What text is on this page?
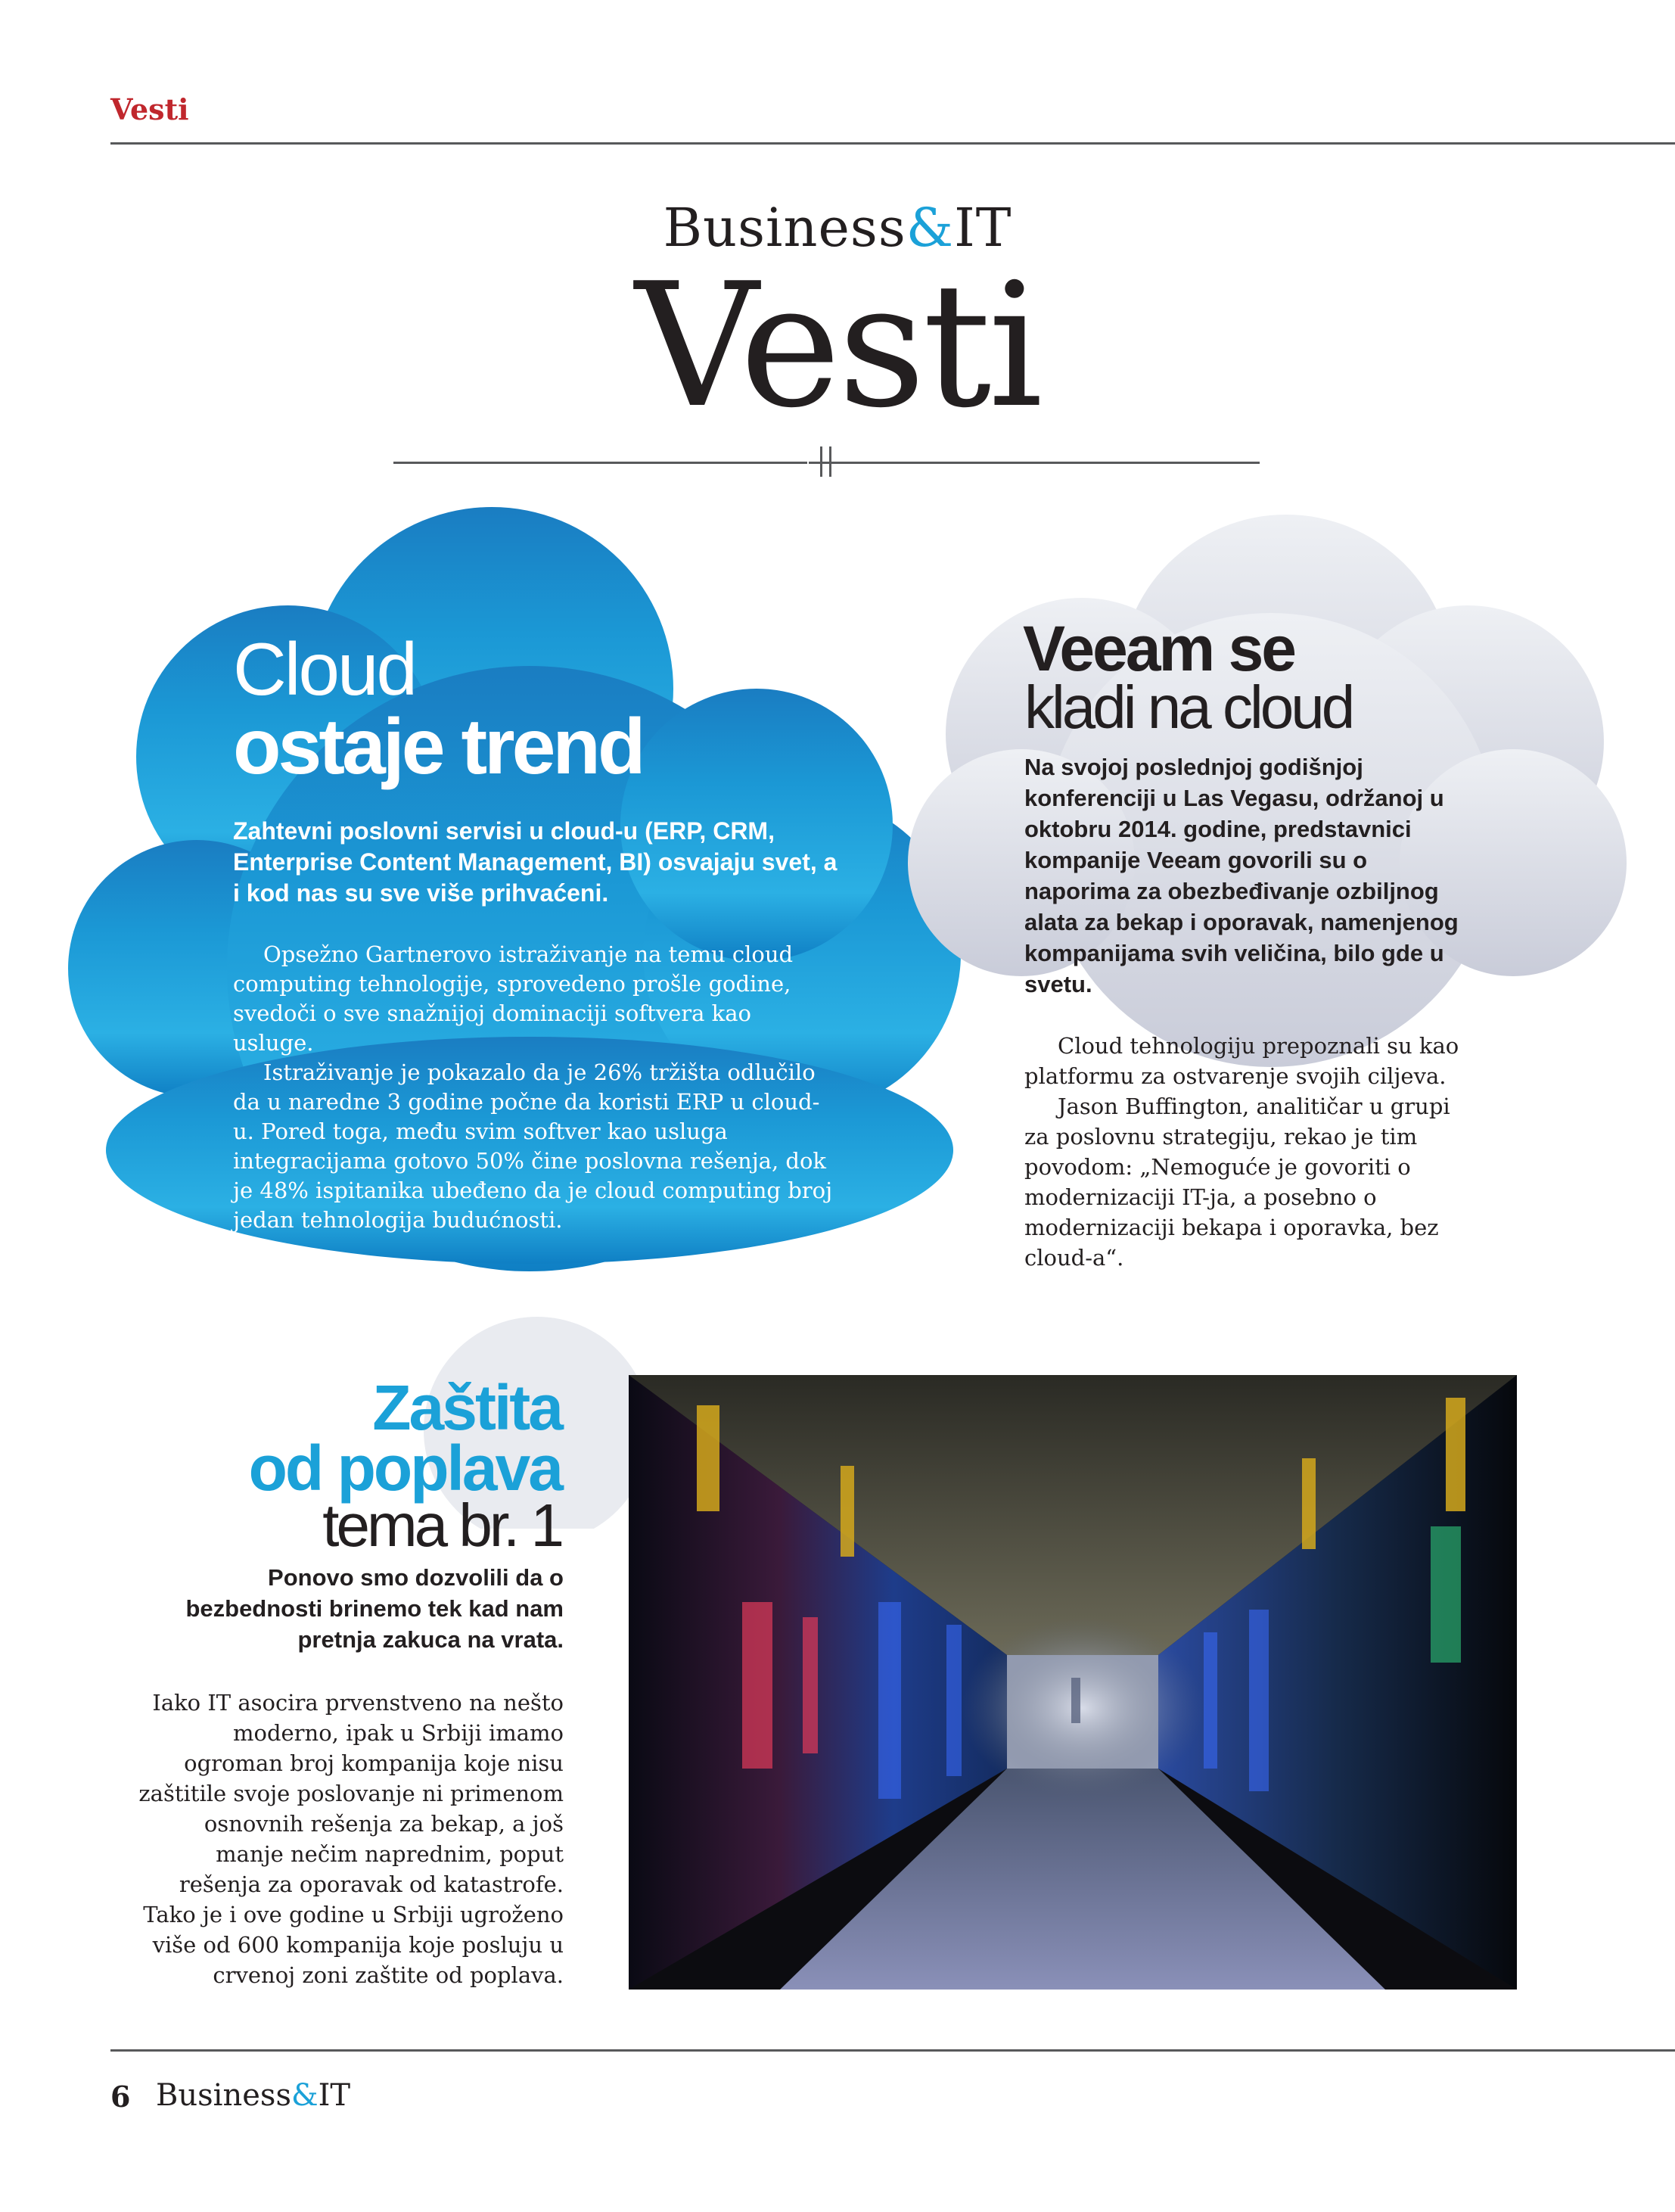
Vesti
Business&IT
Vesti
Cloud
ostaje trend
Zahtevni poslovni servisi u cloud-u (ERP, CRM, Enterprise Content Management, BI) osvajaju svet, a i kod nas su sve više prihvaćeni.

Opsežno Gartnerovo istraživanje na temu cloud computing tehnologije, sprovedeno prošle godine, svedoči o sve snažnijoj dominaciji softvera kao usluge.

Istraživanje je pokazalo da je 26% tržišta odlučilo da u naredne 3 godine počne da koristi ERP u cloud-u. Pored toga, među svim softver kao usluga integracijama gotovo 50% čine poslovna rešenja, dok je 48% ispitanika ubeđeno da je cloud computing broj jedan tehnologija budućnosti.

Veeam se
kladi na cloud
Na svojoj poslednjoj godišnjoj konferenciji u Las Vegasu, održanoj u oktobru 2014. godine, predstavnici kompanije Veeam govorili su o naporima za obezbeđivanje ozbiljnog alata za bekap i oporavak, namenjenog kompanijama svih veličina, bilo gde u svetu.

Cloud tehnologiju prepoznali su kao platformu za ostvarenje svojih ciljeva.

Jason Buffington, analitičar u grupi za poslovnu strategiju, rekao je tim povodom: „Nemoguće je govoriti o modernizaciji IT-ja, a posebno o modernizaciji bekapa i oporavka, bez cloud-a“.

Zaštita
od poplava
tema br. 1
Ponovo smo dozvolili da o bezbednosti brinemo tek kad nam pretnja zakuca na vrata.

Iako IT asocira prvenstveno na nešto moderno, ipak u Srbiji imamo ogroman broj kompanija koje nisu zaštitile svoje poslovanje ni primenom osnovnih rešenja za bekap, a još manje nečim naprednim, poput rešenja za oporavak od katastrofe. Tako je i ove godine u Srbiji ugroženo više od 600 kompanija koje posluju u crvenoj zoni zaštite od poplava.

6 Business&IT
